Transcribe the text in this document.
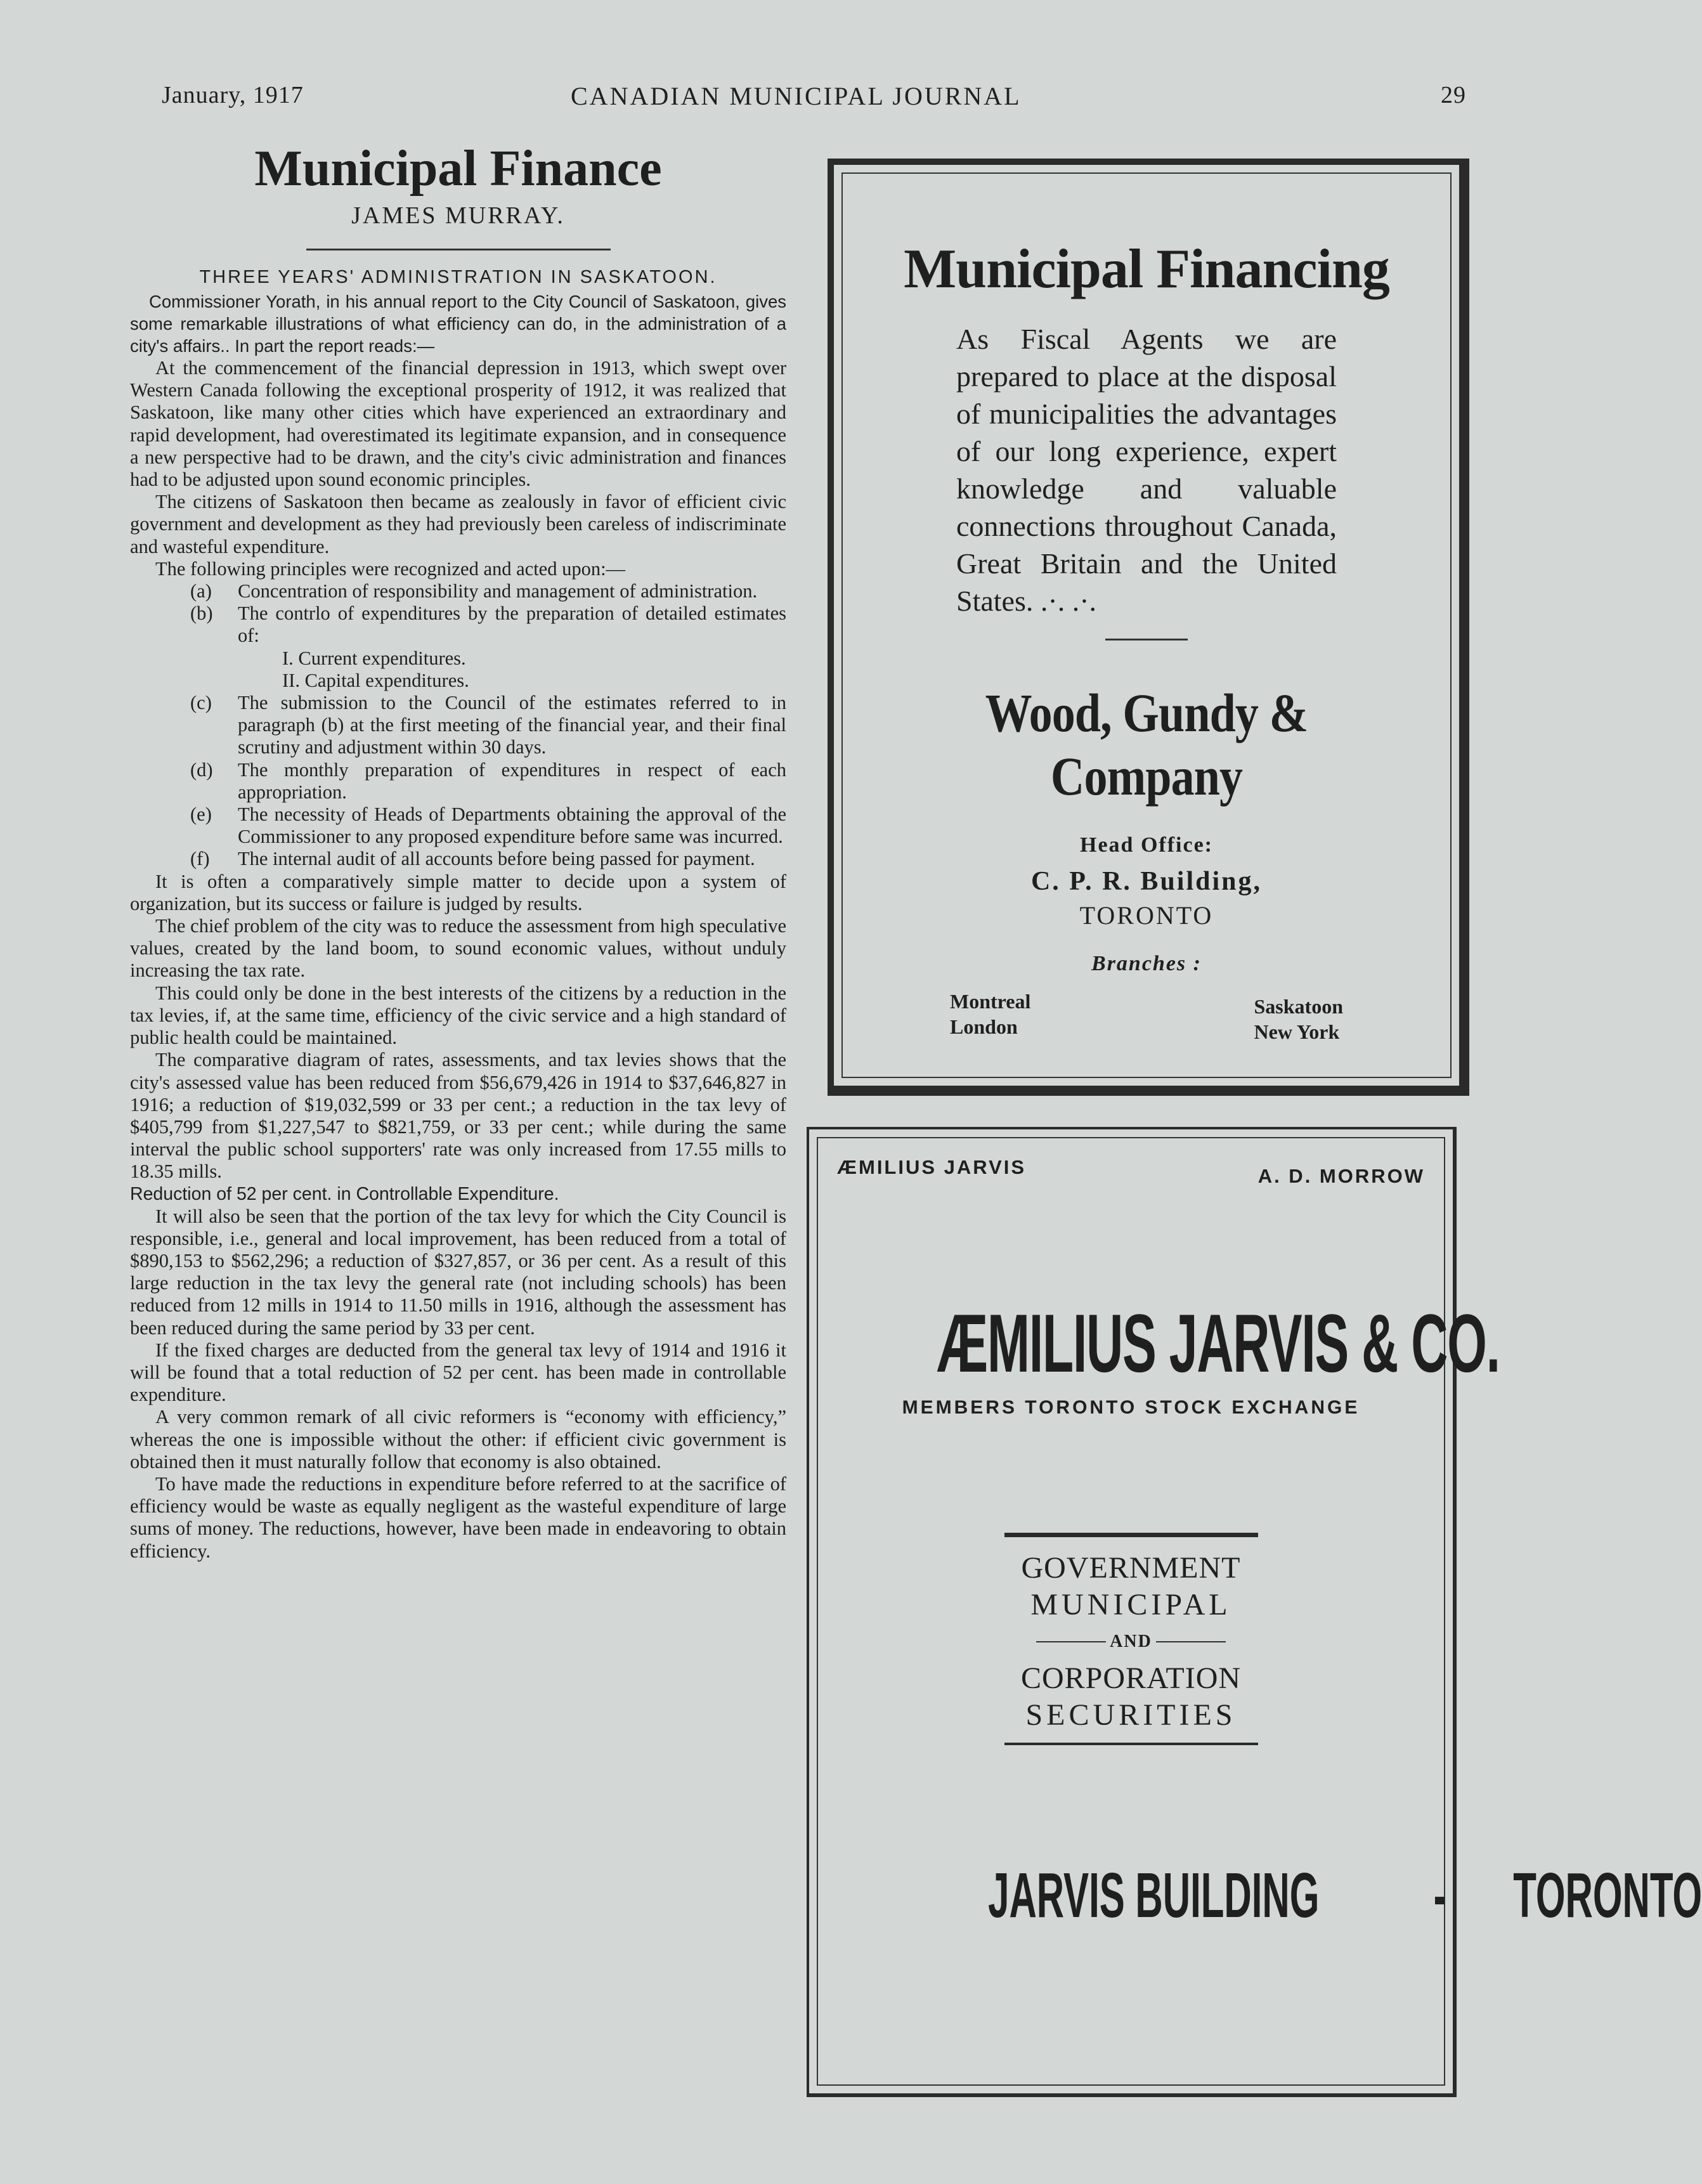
January, 1917	CANADIAN MUNICIPAL JOURNAL	29
Municipal Finance
JAMES MURRAY.
THREE YEARS' ADMINISTRATION IN SASKATOON.

Commissioner Yorath, in his annual report to the City Council of Saskatoon, gives some remarkable illustrations of what efficiency can do, in the administration of a city's affairs.. In part the report reads:—

At the commencement of the financial depression in 1913, which swept over Western Canada following the exceptional prosperity of 1912, it was realized that Saskatoon, like many other cities which have experienced an extraordinary and rapid development, had overestimated its legitimate expansion, and in consequence a new perspective had to be drawn, and the city's civic administration and finances had to be adjusted upon sound economic principles.

The citizens of Saskatoon then became as zealously in favor of efficient civic government and development as they had previously been careless of indiscriminate and wasteful expenditure.

The following principles were recognized and acted upon:—

(a) Concentration of responsibility and management of administration.
(b) The contrlo of expenditures by the preparation of detailed estimates of:
I. Current expenditures.
II. Capital expenditures.
(c) The submission to the Council of the estimates referred to in paragraph (b) at the first meeting of the financial year, and their final scrutiny and adjustment within 30 days.
(d) The monthly preparation of expenditures in respect of each appropriation.
(e) The necessity of Heads of Departments obtaining the approval of the Commissioner to any proposed expenditure before same was incurred.
(f) The internal audit of all accounts before being passed for payment.

It is often a comparatively simple matter to decide upon a system of organization, but its success or failure is judged by results.

The chief problem of the city was to reduce the assessment from high speculative values, created by the land boom, to sound economic values, without unduly increasing the tax rate.

This could only be done in the best interests of the citizens by a reduction in the tax levies, if, at the same time, efficiency of the civic service and a high standard of public health could be maintained.

The comparative diagram of rates, assessments, and tax levies shows that the city's assessed value has been reduced from $56,679,426 in 1914 to $37,646,827 in 1916; a reduction of $19,032,599 or 33 per cent.; a reduction in the tax levy of $405,799 from $1,227,547 to $821,759, or 33 per cent.; while during the same interval the public school supporters' rate was only increased from 17.55 mills to 18.35 mills.

Reduction of 52 per cent. in Controllable Expenditure.

It will also be seen that the portion of the tax levy for which the City Council is responsible, i.e., general and local improvement, has been reduced from a total of $890,153 to $562,296; a reduction of $327,857, or 36 per cent. As a result of this large reduction in the tax levy the general rate (not including schools) has been reduced from 12 mills in 1914 to 11.50 mills in 1916, although the assessment has been reduced during the same period by 33 per cent.

If the fixed charges are deducted from the general tax levy of 1914 and 1916 it will be found that a total reduction of 52 per cent. has been made in controllable expenditure.

A very common remark of all civic reformers is “economy with efficiency,” whereas the one is impossible without the other: if efficient civic government is obtained then it must naturally follow that economy is also obtained.

To have made the reductions in expenditure before referred to at the sacrifice of efficiency would be waste as equally negligent as the wasteful expenditure of large sums of money. The reductions, however, have been made in endeavoring to obtain efficiency.

Municipal Financing
As Fiscal Agents we are prepared to place at the disposal of municipalities the advantages of our long experience, expert knowledge and valuable connections throughout Canada, Great Britain and the United States. .·. .·.
Wood, Gundy & Company
Head Office:
C. P. R. Building,
TORONTO
Branches :
Montreal
London
Saskatoon
New York
ÆMILIUS JARVIS	A. D. MORROW
ÆMILIUS JARVIS & CO.
MEMBERS TORONTO STOCK EXCHANGE
GOVERNMENT
MUNICIPAL
AND
CORPORATION
SECURITIES
JARVIS BUILDING - TORONTO
